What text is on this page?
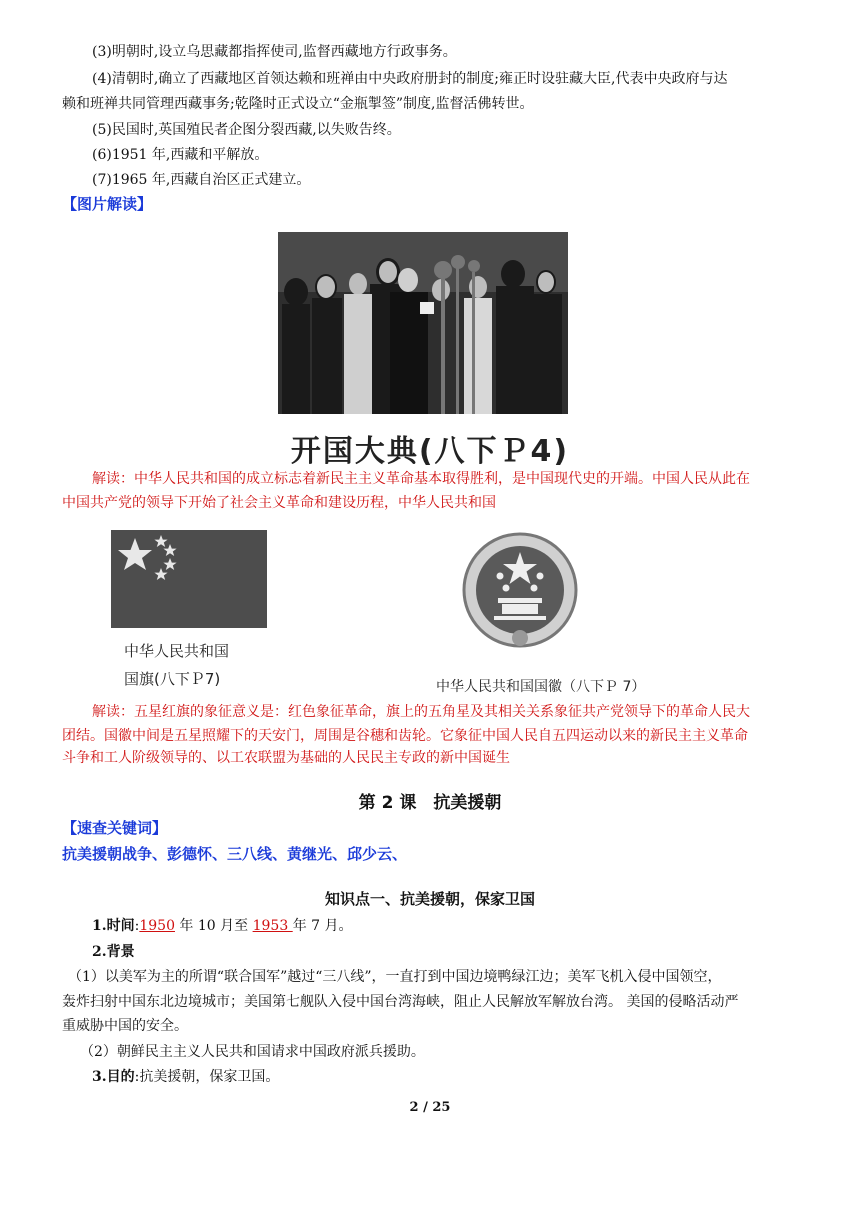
(3)明朝时,设立乌思藏都指挥使司,监督西藏地方行政事务。
(4)清朝时,确立了西藏地区首领达赖和班禅由中央政府册封的制度;雍正时设驻藏大臣,代表中央政府与达
赖和班禅共同管理西藏事务;乾隆时正式设立“金瓶掣签”制度,监督活佛转世。
(5)民国时,英国殖民者企图分裂西藏,以失败告终。
(6)1951 年,西藏和平解放。
(7)1965 年,西藏自治区正式建立。
【图片解读】
开国大典(八下Ｐ4)
解读：中华人民共和国的成立标志着新民主主义革命基本取得胜利，是中国现代史的开端。中国人民从此在
中国共产党的领导下开始了社会主义革命和建设历程，中华人民共和国
中华人民共和国
国旗(八下Ｐ7)	中华人民共和国国徽（八下Ｐ 7）
解读：五星红旗的象征意义是：红色象征革命，旗上的五角星及其相关关系象征共产党领导下的革命人民大
团结。国徽中间是五星照耀下的天安门，周围是谷穗和齿轮。它象征中国人民自五四运动以来的新民主主义革命
斗争和工人阶级领导的、以工农联盟为基础的人民民主专政的新中国诞生
第 2 课　抗美援朝
【速查关键词】
抗美援朝战争、彭德怀、三八线、黄继光、邱少云、
知识点一、抗美援朝，保家卫国
1.时间:1950 年 10 月至 1953 年 7 月。
2.背景
（1）以美军为主的所谓“联合国军”越过“三八线”，一直打到中国边境鸭绿江边；美军飞机入侵中国领空，
轰炸扫射中国东北边境城市；美国第七舰队入侵中国台湾海峡，阻止人民解放军解放台湾。 美国的侵略活动严
重威胁中国的安全。
（2）朝鲜民主主义人民共和国请求中国政府派兵援助。
3.目的:抗美援朝，保家卫国。
2 / 25
